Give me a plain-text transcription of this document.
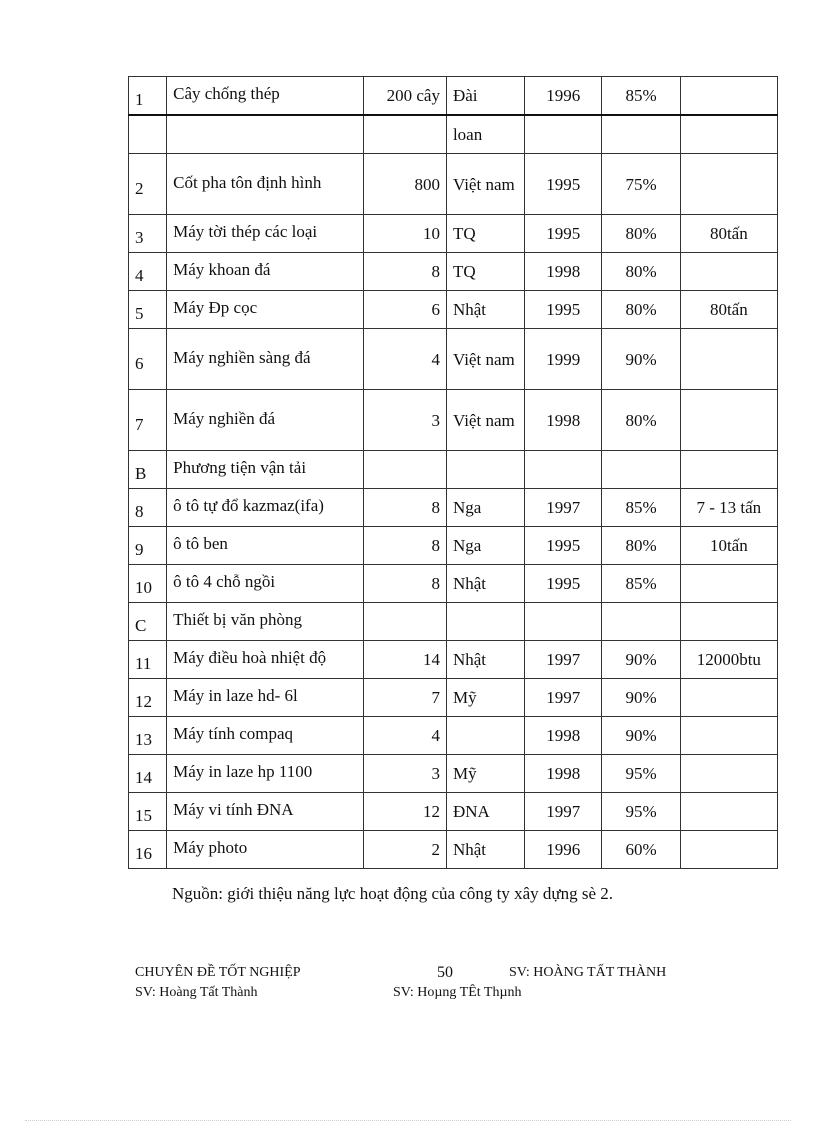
1	Cây chống thép	200 cây	Đài	1996	85%	
			loan			
2	Cốt pha tôn định hình	800	Việt nam	1995	75%	
3	Máy tời thép các loại	10	TQ	1995	80%	80tấn
4	Máy khoan đá	8	TQ	1998	80%	
5	Máy Đp cọc	6	Nhật	1995	80%	80tấn
6	Máy nghiền sàng đá	4	Việt nam	1999	90%	
7	Máy nghiền đá	3	Việt nam	1998	80%	
B	Phương tiện vận tải					
8	ô tô tự đổ kazmaz(ifa)	8	Nga	1997	85%	7 - 13 tấn
9	ô tô ben	8	Nga	1995	80%	10tấn
10	ô tô 4 chỗ ngồi	8	Nhật	1995	85%	
C	Thiết bị văn phòng					
11	Máy điều hoà nhiệt độ	14	Nhật	1997	90%	12000btu
12	Máy in laze hd- 6l	7	Mỹ	1997	90%	
13	Máy tính compaq	4		1998	90%	
14	Máy in laze hp 1100	3	Mỹ	1998	95%	
15	Máy vi tính ĐNA	12	ĐNA	1997	95%	
16	Máy photo	2	Nhật	1996	60%	
Nguồn: giới thiệu năng lực hoạt động của công ty xây dựng sè 2.
CHUYÊN ĐỀ TỐT NGHIỆP	50	SV: HOÀNG TẤT THÀNH
SV: Hoàng Tất Thành	SV: Hoµng TÊt Thµnh
